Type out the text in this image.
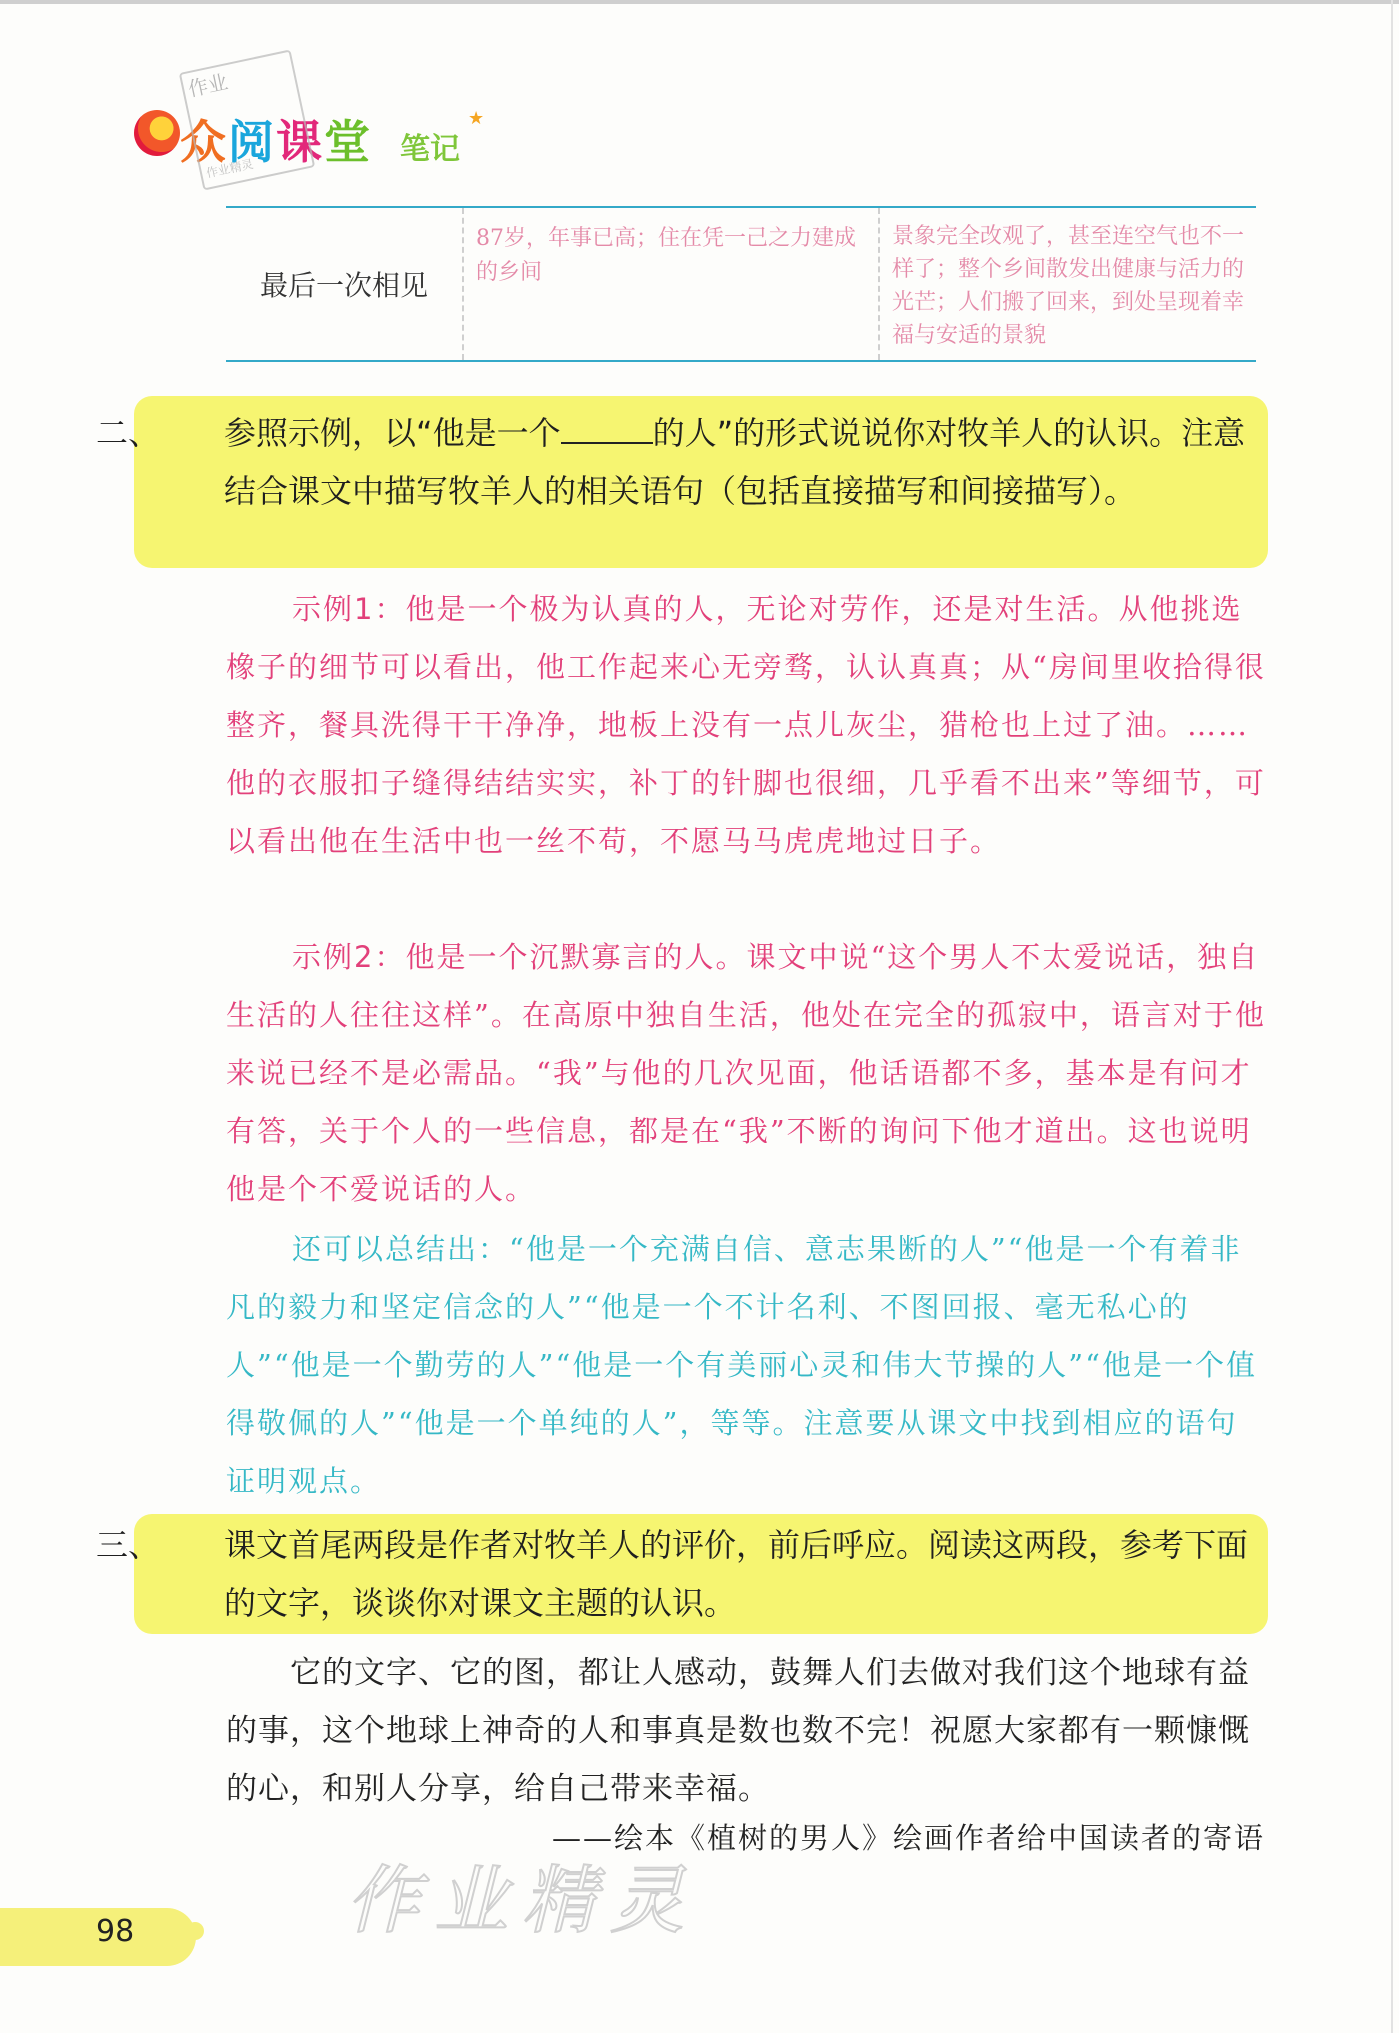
众阅课堂 笔记
★
作业
作业精灵
最后一次相见
87岁，年事已高；住在凭一己之力建成的乡间
景象完全改观了，甚至连空气也不一样了；整个乡间散发出健康与活力的光芒；人们搬了回来，到处呈现着幸福与安适的景貌
二、 参照示例，以“他是一个	的人”的形式说说你对牧羊人的认识。注意结合课文中描写牧羊人的相关语句（包括直接描写和间接描写）。
示例1：他是一个极为认真的人，无论对劳作，还是对生活。从他挑选橡子的细节可以看出，他工作起来心无旁骛，认认真真；从“房间里收拾得很整齐，餐具洗得干干净净，地板上没有一点儿灰尘，猎枪也上过了油。……他的衣服扣子缝得结结实实，补丁的针脚也很细，几乎看不出来”等细节，可以看出他在生活中也一丝不苟，不愿马马虎虎地过日子。
示例2：他是一个沉默寡言的人。课文中说“这个男人不太爱说话，独自生活的人往往这样”。在高原中独自生活，他处在完全的孤寂中，语言对于他来说已经不是必需品。“我”与他的几次见面，他话语都不多，基本是有问才有答，关于个人的一些信息，都是在“我”不断的询问下他才道出。这也说明他是个不爱说话的人。
还可以总结出：“他是一个充满自信、意志果断的人”“他是一个有着非凡的毅力和坚定信念的人”“他是一个不计名利、不图回报、毫无私心的人”“他是一个勤劳的人”“他是一个有美丽心灵和伟大节操的人”“他是一个值得敬佩的人”“他是一个单纯的人”，等等。注意要从课文中找到相应的语句证明观点。
三、 课文首尾两段是作者对牧羊人的评价，前后呼应。阅读这两段，参考下面的文字，谈谈你对课文主题的认识。
它的文字、它的图，都让人感动，鼓舞人们去做对我们这个地球有益的事，这个地球上神奇的人和事真是数也数不完！祝愿大家都有一颗慷慨的心，和别人分享，给自己带来幸福。
——绘本《植树的男人》绘画作者给中国读者的寄语
98	作业精灵
